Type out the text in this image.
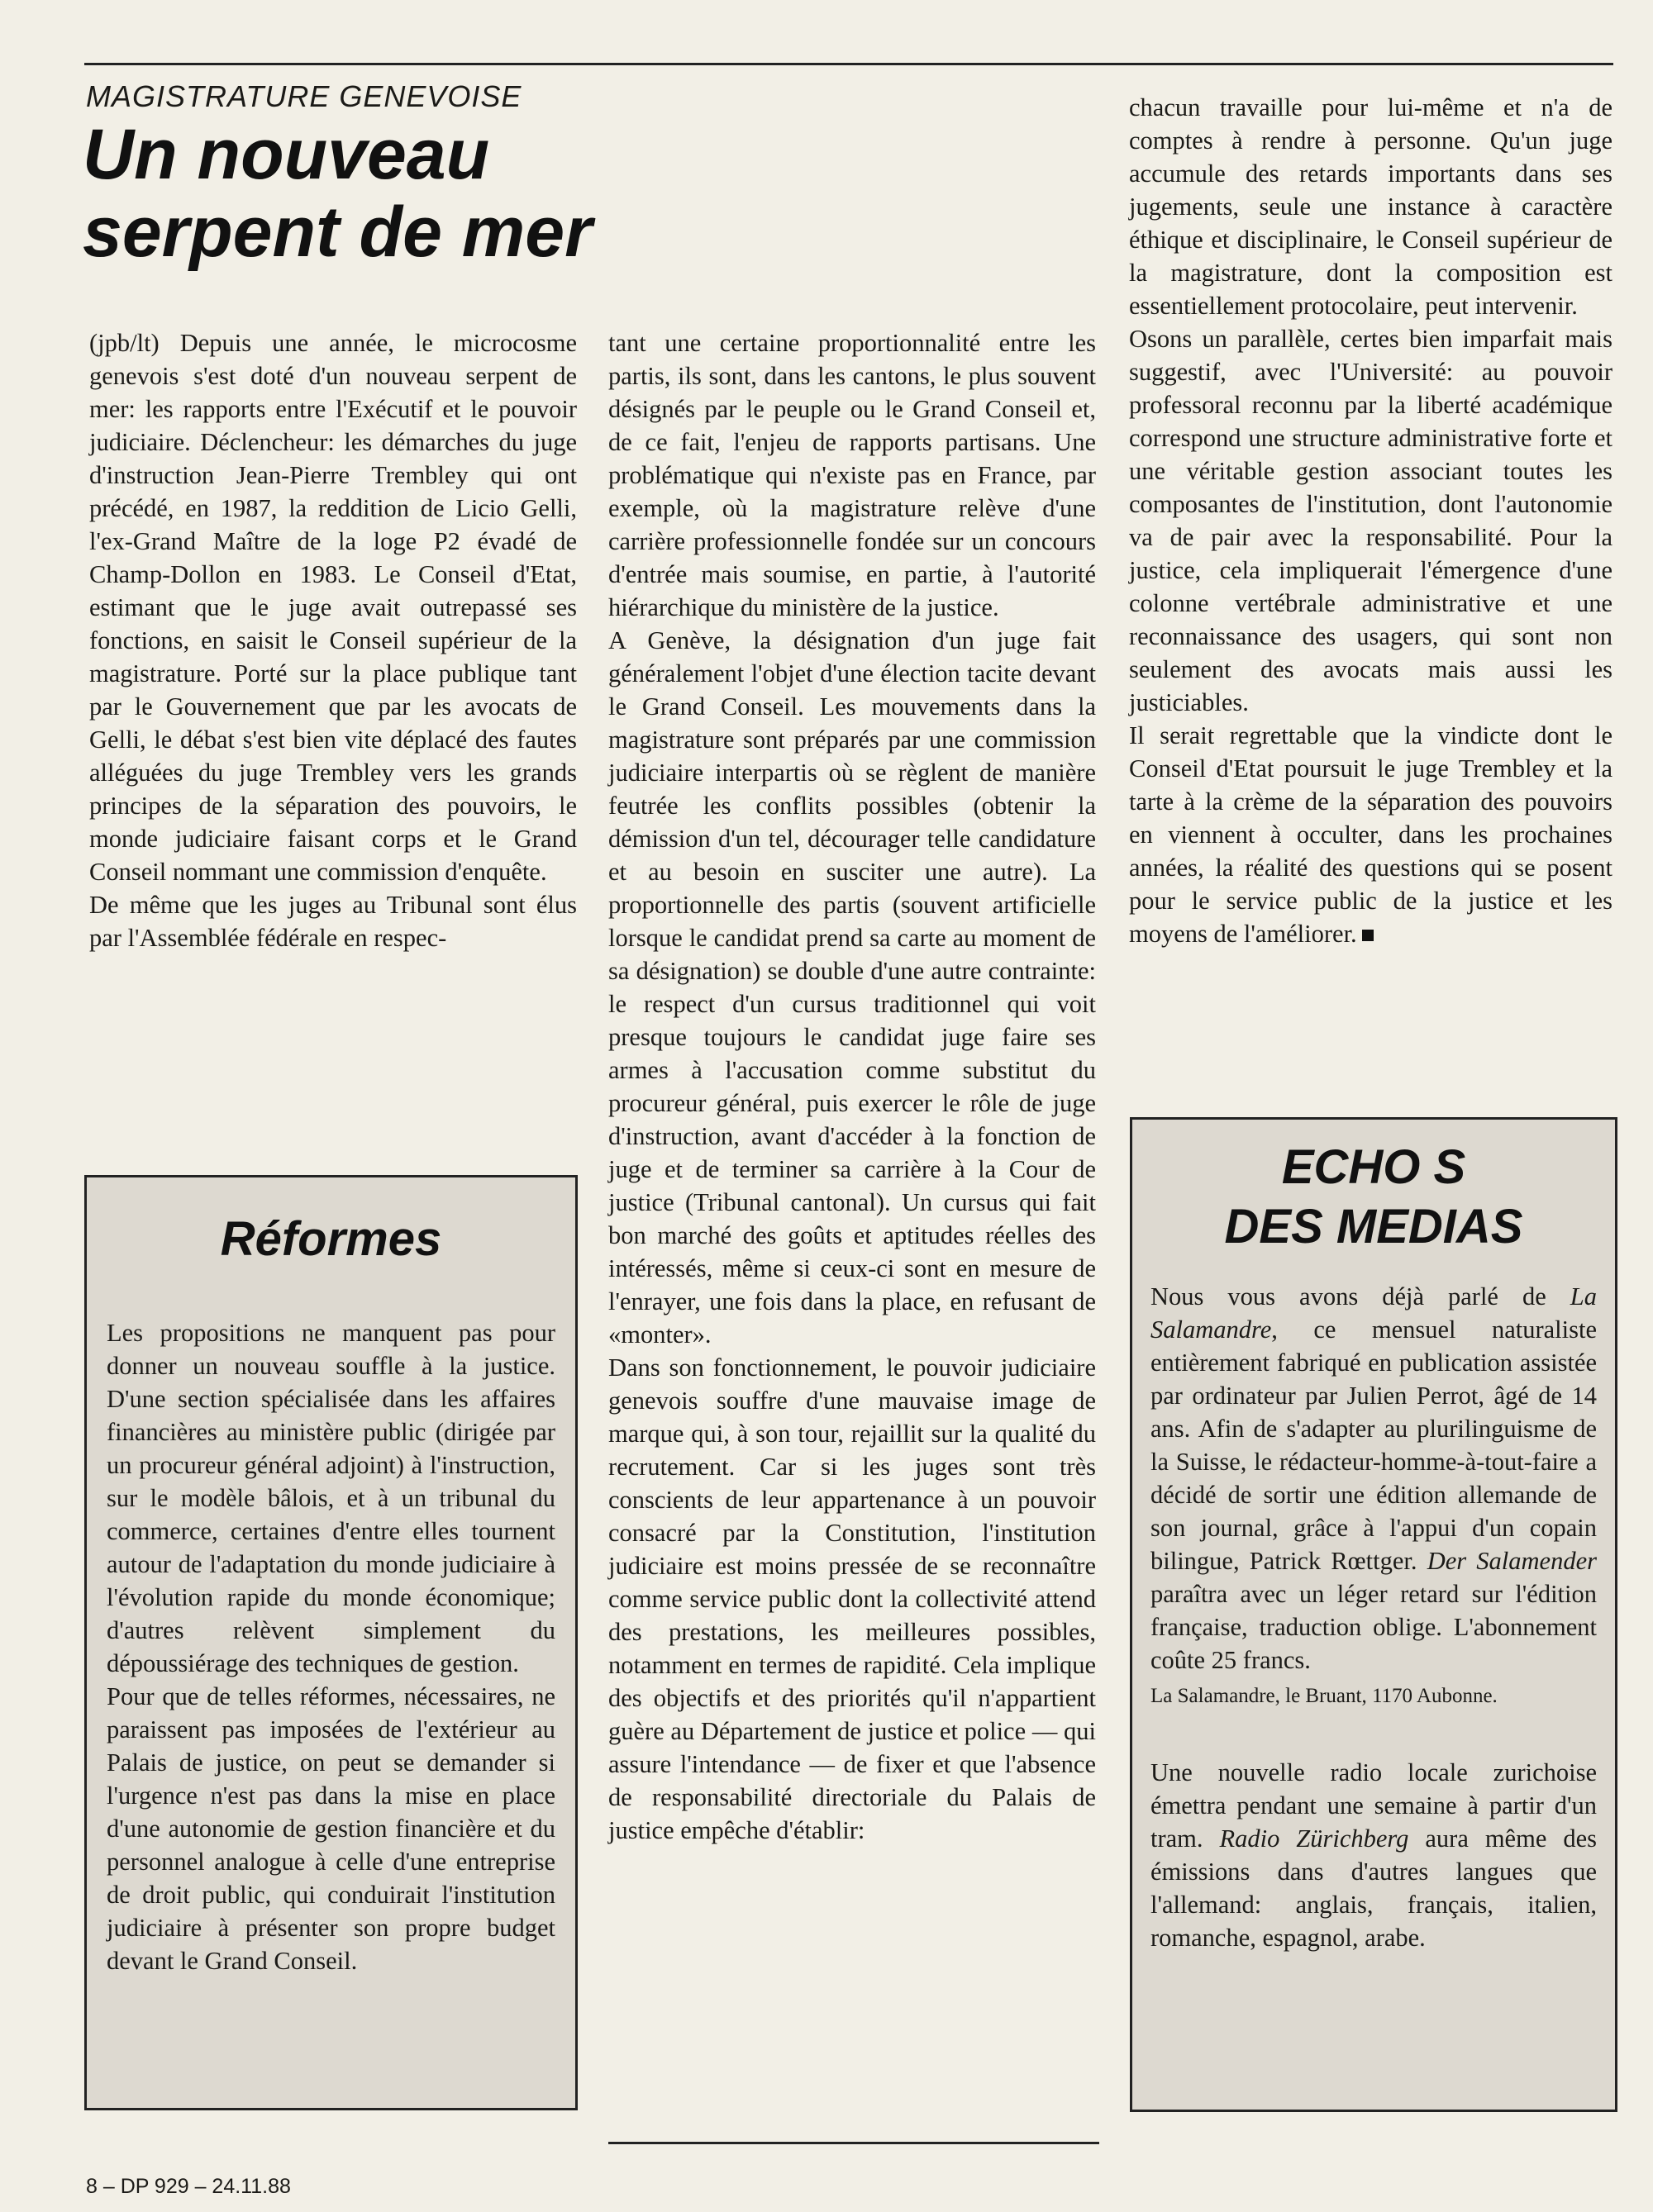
MAGISTRATURE GENEVOISE
Un nouveau serpent de mer

(jpb/lt) Depuis une année, le microcosme genevois s'est doté d'un nouveau serpent de mer: les rapports entre l'Exécutif et le pouvoir judiciaire. Déclencheur: les démarches du juge d'instruction Jean-Pierre Trembley qui ont précédé, en 1987, la reddition de Licio Gelli, l'ex-Grand Maître de la loge P2 évadé de Champ-Dollon en 1983. Le Conseil d'Etat, estimant que le juge avait outrepassé ses fonctions, en saisit le Conseil supérieur de la magistrature. Porté sur la place publique tant par le Gouvernement que par les avocats de Gelli, le débat s'est bien vite déplacé des fautes alléguées du juge Trembley vers les grands principes de la séparation des pouvoirs, le monde judiciaire faisant corps et le Grand Conseil nommant une commission d'enquête.

De même que les juges au Tribunal sont élus par l'Assemblée fédérale en respec-

tant une certaine proportionnalité entre les partis, ils sont, dans les cantons, le plus souvent désignés par le peuple ou le Grand Conseil et, de ce fait, l'enjeu de rapports partisans. Une problématique qui n'existe pas en France, par exemple, où la magistrature relève d'une carrière professionnelle fondée sur un concours d'entrée mais soumise, en partie, à l'autorité hiérarchique du ministère de la justice.

A Genève, la désignation d'un juge fait généralement l'objet d'une élection tacite devant le Grand Conseil. Les mouvements dans la magistrature sont préparés par une commission judiciaire interpartis où se règlent de manière feutrée les conflits possibles (obtenir la démission d'un tel, décourager telle candidature et au besoin en susciter une autre). La proportionnelle des partis (souvent artificielle lorsque le candidat prend sa carte au moment de sa désignation) se double d'une autre contrainte: le respect d'un cursus traditionnel qui voit presque toujours le candidat juge faire ses armes à l'accusation comme substitut du procureur général, puis exercer le rôle de juge d'instruction, avant d'accéder à la fonction de juge et de terminer sa carrière à la Cour de justice (Tribunal cantonal). Un cursus qui fait bon marché des goûts et aptitudes réelles des intéressés, même si ceux-ci sont en mesure de l'enrayer, une fois dans la place, en refusant de «monter».

Dans son fonctionnement, le pouvoir judiciaire genevois souffre d'une mauvaise image de marque qui, à son tour, rejaillit sur la qualité du recrutement. Car si les juges sont très conscients de leur appartenance à un pouvoir consacré par la Constitution, l'institution judiciaire est moins pressée de se reconnaître comme service public dont la collectivité attend des prestations, les meilleures possibles, notamment en termes de rapidité. Cela implique des objectifs et des priorités qu'il n'appartient guère au Département de justice et police — qui assure l'intendance — de fixer et que l'absence de responsabilité directoriale du Palais de justice empêche d'établir:

chacun travaille pour lui-même et n'a de comptes à rendre à personne. Qu'un juge accumule des retards importants dans ses jugements, seule une instance à caractère éthique et disciplinaire, le Conseil supérieur de la magistrature, dont la composition est essentiellement protocolaire, peut intervenir.

Osons un parallèle, certes bien imparfait mais suggestif, avec l'Université: au pouvoir professoral reconnu par la liberté académique correspond une structure administrative forte et une véritable gestion associant toutes les composantes de l'institution, dont l'autonomie va de pair avec la responsabilité. Pour la justice, cela impliquerait l'émergence d'une colonne vertébrale administrative et une reconnaissance des usagers, qui sont non seulement des avocats mais aussi les justiciables.

Il serait regrettable que la vindicte dont le Conseil d'Etat poursuit le juge Trembley et la tarte à la crème de la séparation des pouvoirs en viennent à occulter, dans les prochaines années, la réalité des questions qui se posent pour le service public de la justice et les moyens de l'améliorer.

Réformes

Les propositions ne manquent pas pour donner un nouveau souffle à la justice. D'une section spécialisée dans les affaires financières au ministère public (dirigée par un procureur général adjoint) à l'instruction, sur le modèle bâlois, et à un tribunal du commerce, certaines d'entre elles tournent autour de l'adaptation du monde judiciaire à l'évolution rapide du monde économique; d'autres relèvent simplement du dépoussiérage des techniques de gestion.

Pour que de telles réformes, nécessaires, ne paraissent pas imposées de l'extérieur au Palais de justice, on peut se demander si l'urgence n'est pas dans la mise en place d'une autonomie de gestion financière et du personnel analogue à celle d'une entreprise de droit public, qui conduirait l'institution judiciaire à présenter son propre budget devant le Grand Conseil.

ECHO S
DES MEDIAS

Nous vous avons déjà parlé de La Salamandre, ce mensuel naturaliste entièrement fabriqué en publication assistée par ordinateur par Julien Perrot, âgé de 14 ans. Afin de s'adapter au plurilinguisme de la Suisse, le rédacteur-homme-à-tout-faire a décidé de sortir une édition allemande de son journal, grâce à l'appui d'un copain bilingue, Patrick Rœttger. Der Salamender paraîtra avec un léger retard sur l'édition française, traduction oblige. L'abonnement coûte 25 francs.

La Salamandre, le Bruant, 1170 Aubonne.

Une nouvelle radio locale zurichoise émettra pendant une semaine à partir d'un tram. Radio Zürichberg aura même des émissions dans d'autres langues que l'allemand: anglais, français, italien, romanche, espagnol, arabe.

8 – DP 929 – 24.11.88
